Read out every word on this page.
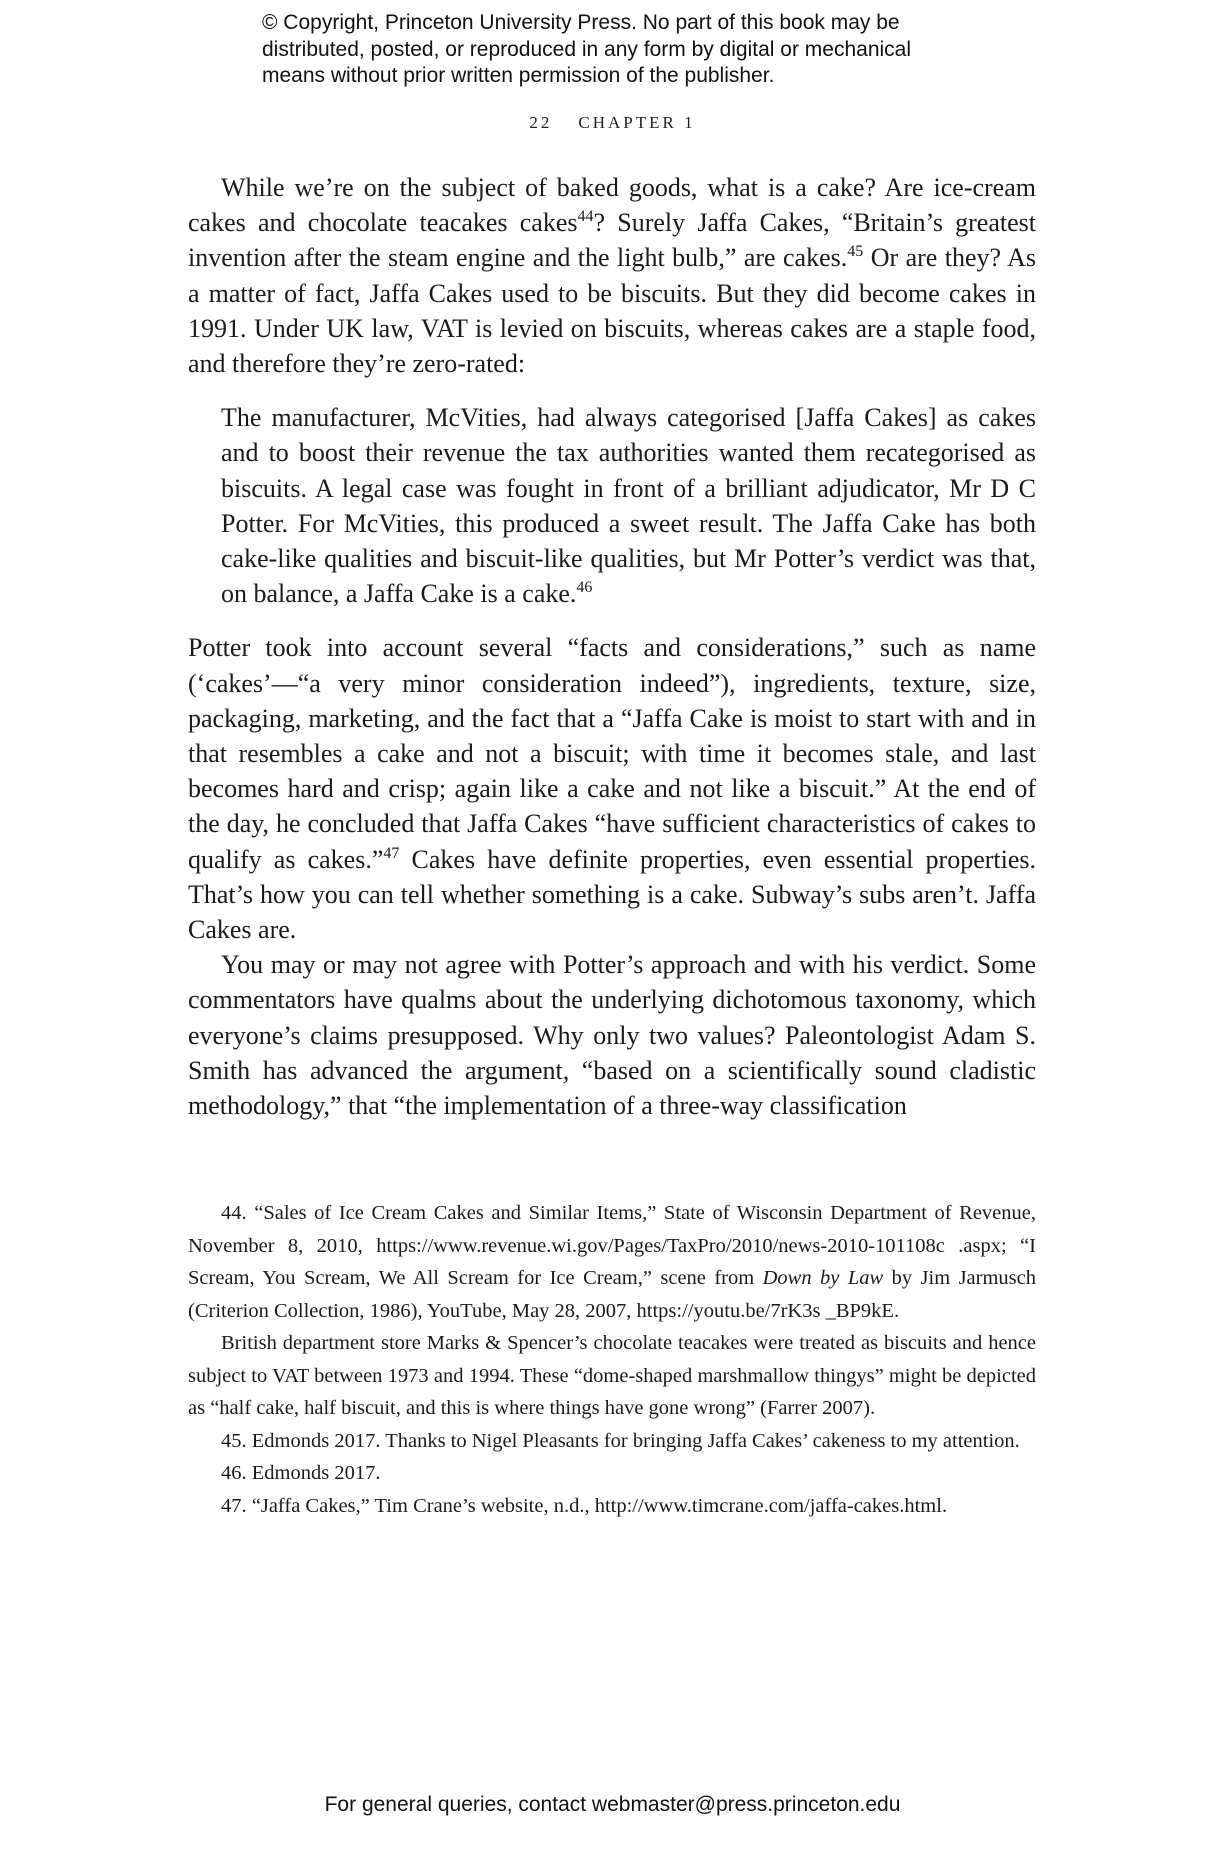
© Copyright, Princeton University Press. No part of this book may be
distributed, posted, or reproduced in any form by digital or mechanical
means without prior written permission of the publisher.
22 CHAPTER 1

While we’re on the subject of baked goods, what is a cake? Are ice-cream cakes and chocolate teacakes cakes$^{44}$? Surely Jaffa Cakes, “Britain’s greatest invention after the steam engine and the light bulb,” are cakes.$^{45}$ Or are they? As a matter of fact, Jaffa Cakes used to be biscuits. But they did become cakes in 1991. Under UK law, VAT is levied on biscuits, whereas cakes are a staple food, and therefore they’re zero-rated:

The manufacturer, McVities, had always categorised [Jaffa Cakes] as cakes and to boost their revenue the tax authorities wanted them recategorised as biscuits. A legal case was fought in front of a brilliant adjudicator, Mr D C Potter. For McVities, this produced a sweet result. The Jaffa Cake has both cake-like qualities and biscuit-like qualities, but Mr Potter’s verdict was that, on balance, a Jaffa Cake is a cake.$^{46}$

Potter took into account several “facts and considerations,” such as name (‘cakes’—“a very minor consideration indeed”), ingredients, texture, size, packaging, marketing, and the fact that a “Jaffa Cake is moist to start with and in that resembles a cake and not a biscuit; with time it becomes stale, and last becomes hard and crisp; again like a cake and not like a biscuit.” At the end of the day, he concluded that Jaffa Cakes “have sufficient characteristics of cakes to qualify as cakes.”$^{47}$ Cakes have definite properties, even essential properties. That’s how you can tell whether something is a cake. Subway’s subs aren’t. Jaffa Cakes are.

You may or may not agree with Potter’s approach and with his verdict. Some commentators have qualms about the underlying dichotomous taxonomy, which everyone’s claims presupposed. Why only two values? Paleontologist Adam S. Smith has advanced the argument, “based on a scientifically sound cladistic methodology,” that “the implementation of a three-way classification

44. “Sales of Ice Cream Cakes and Similar Items,” State of Wisconsin Department of Revenue, November 8, 2010, https://www.revenue.wi.gov/Pages/TaxPro/2010/news-2010-101108c .aspx; “I Scream, You Scream, We All Scream for Ice Cream,” scene from Down by Law by Jim Jarmusch (Criterion Collection, 1986), YouTube, May 28, 2007, https://youtu.be/7rK3s _BP9kE.

British department store Marks & Spencer’s chocolate teacakes were treated as biscuits and hence subject to VAT between 1973 and 1994. These “dome-shaped marshmallow thingys” might be depicted as “half cake, half biscuit, and this is where things have gone wrong” (Farrer 2007).

45. Edmonds 2017. Thanks to Nigel Pleasants for bringing Jaffa Cakes’ cakeness to my attention.

46. Edmonds 2017.

47. “Jaffa Cakes,” Tim Crane’s website, n.d., http://www.timcrane.com/jaffa-cakes.html.

For general queries, contact webmaster@press.princeton.edu
